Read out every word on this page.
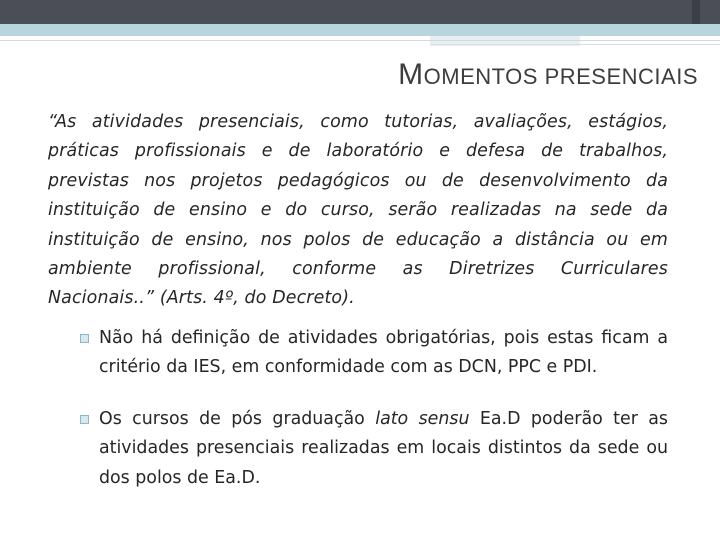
MOMENTOS PRESENCIAIS

“As atividades presenciais, como tutorias, avaliações, estágios, práticas profissionais e de laboratório e defesa de trabalhos, previstas nos projetos pedagógicos ou de desenvolvimento da instituição de ensino e do curso, serão realizadas na sede da instituição de ensino, nos polos de educação a distância ou em ambiente profissional, conforme as Diretrizes Curriculares Nacionais..” (Arts. 4º, do Decreto).

Não há definição de atividades obrigatórias, pois estas ficam a critério da IES, em conformidade com as DCN, PPC e PDI.
Os cursos de pós graduação lato sensu Ea.D poderão ter as atividades presenciais realizadas em locais distintos da sede ou dos polos de Ea.D.
